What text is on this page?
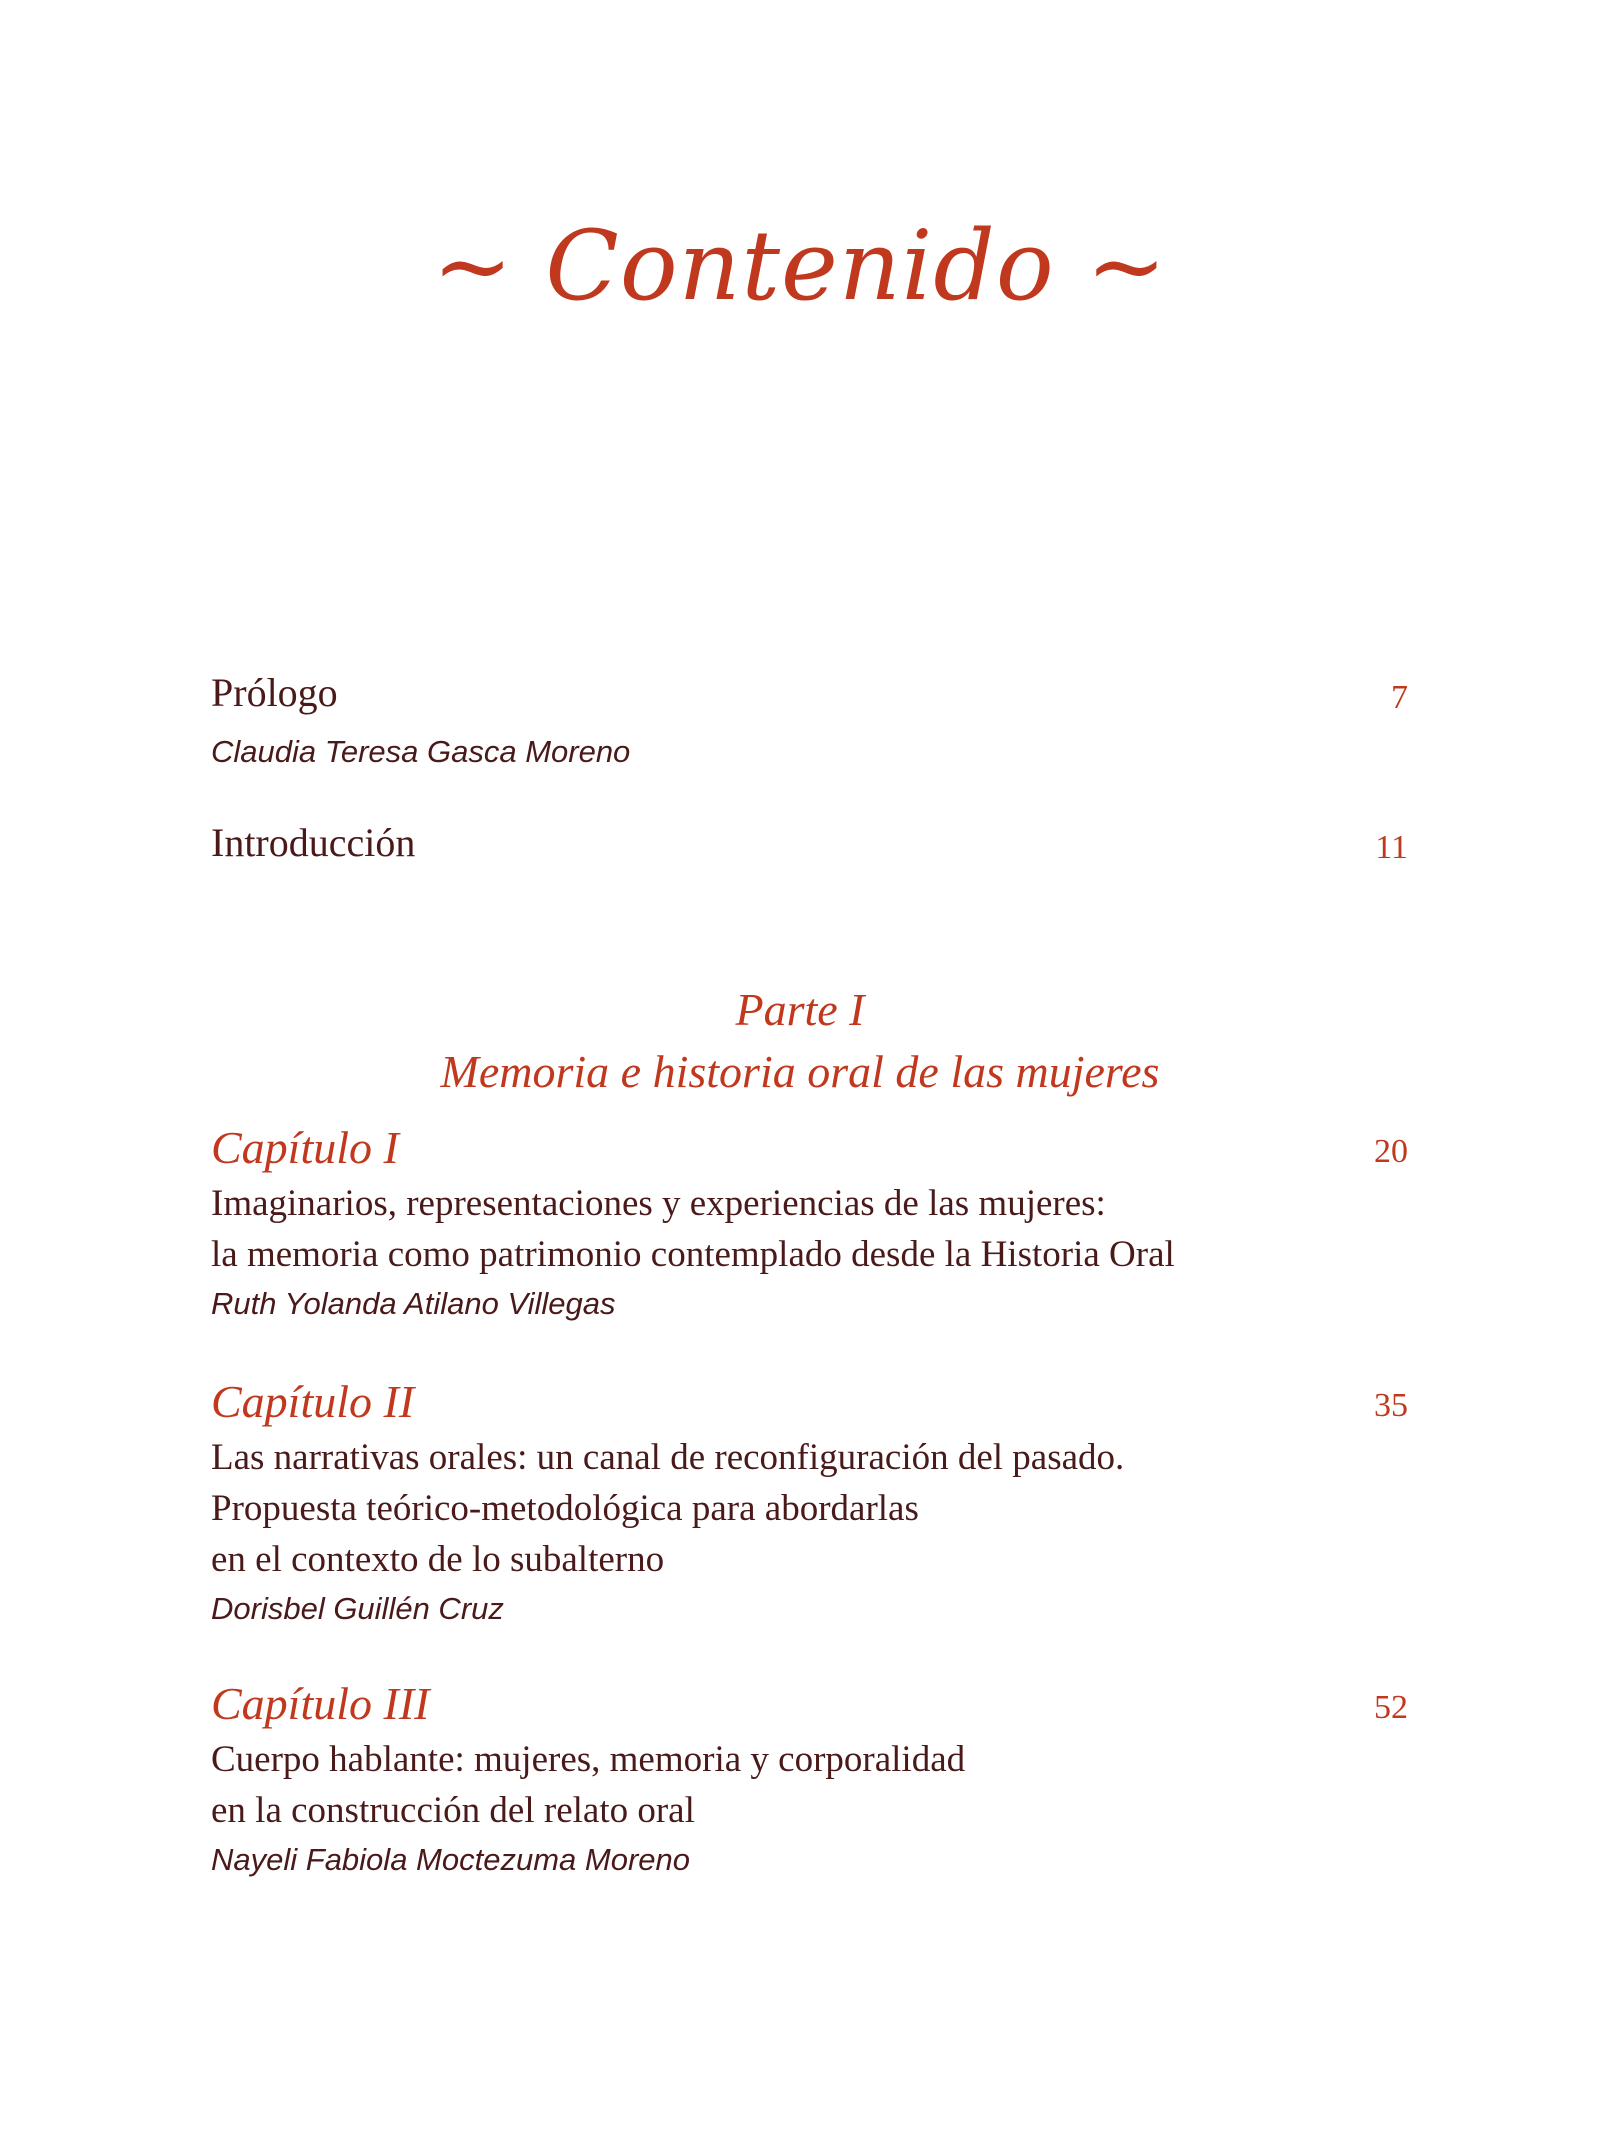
~ Contenido ~
Prólogo	7
Claudia Teresa Gasca Moreno
Introducción	11
Parte I
Memoria e historia oral de las mujeres
Capítulo I	20
Imaginarios, representaciones y experiencias de las mujeres:
la memoria como patrimonio contemplado desde la Historia Oral
Ruth Yolanda Atilano Villegas
Capítulo II	35
Las narrativas orales: un canal de reconfiguración del pasado.
Propuesta teórico-metodológica para abordarlas
en el contexto de lo subalterno
Dorisbel Guillén Cruz
Capítulo III	52
Cuerpo hablante: mujeres, memoria y corporalidad
en la construcción del relato oral
Nayeli Fabiola Moctezuma Moreno
